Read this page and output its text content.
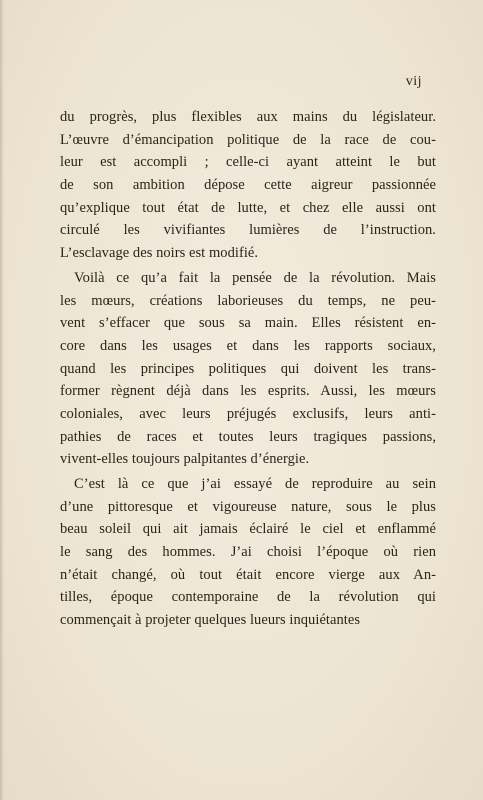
vij
du progrès, plus flexibles aux mains du législateur.
L’œuvre d’émancipation politique de la race de cou-
leur est accompli ; celle-ci ayant atteint le but
de son ambition dépose cette aigreur passionnée
qu’explique tout état de lutte, et chez elle aussi ont
circulé les vivifiantes lumières de l’instruction.
L’esclavage des noirs est modifié.
Voilà ce qu’a fait la pensée de la révolution. Mais
les mœurs, créations laborieuses du temps, ne peu-
vent s’effacer que sous sa main. Elles résistent en-
core dans les usages et dans les rapports sociaux,
quand les principes politiques qui doivent les trans-
former règnent déjà dans les esprits. Aussi, les mœurs
coloniales, avec leurs préjugés exclusifs, leurs anti-
pathies de races et toutes leurs tragiques passions,
vivent-elles toujours palpitantes d’énergie.
C’est là ce que j’ai essayé de reproduire au sein
d’une pittoresque et vigoureuse nature, sous le plus
beau soleil qui ait jamais éclairé le ciel et enflammé
le sang des hommes. J’ai choisi l’époque où rien
n’était changé, où tout était encore vierge aux An-
tilles, époque contemporaine de la révolution qui
commençait à projeter quelques lueurs inquiétantes
